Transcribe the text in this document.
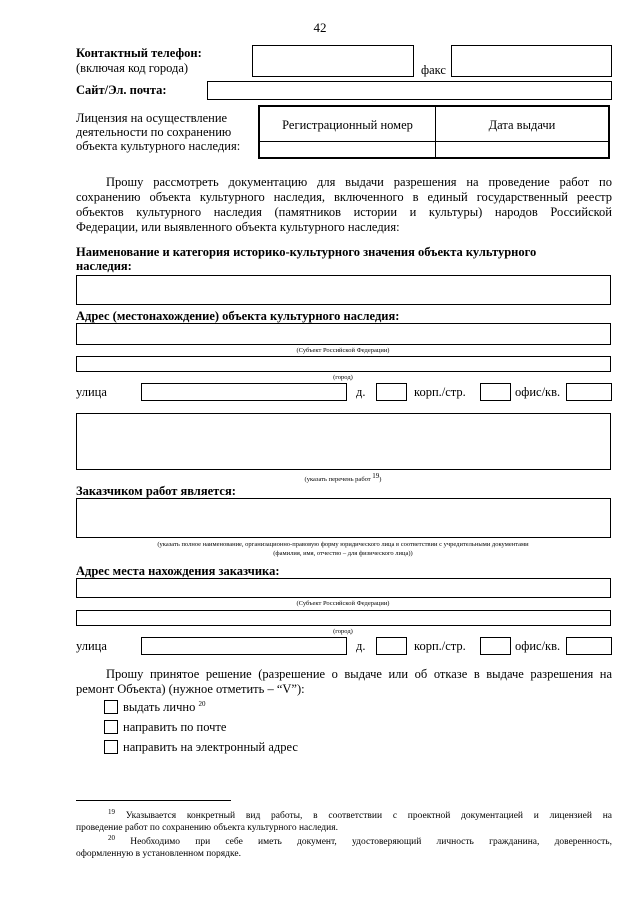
42
Контактный телефон:
(включая код города)	факс
Сайт/Эл. почта:
Лицензия на осуществление
деятельности по сохранению
объекта культурного наследия:
Регистрационный номер	Дата выдачи
Прошу рассмотреть документацию для выдачи разрешения на проведение работ по
сохранению объекта культурного наследия, включенного в единый государственный реестр
объектов культурного наследия (памятников истории и культуры) народов Российской
Федерации, или выявленного объекта культурного наследия:
Наименование и категория историко-культурного значения объекта культурного
наследия:
Адрес (местонахождение) объекта культурного наследия:
(Субъект Российской Федерации)
(город)
улица	д.	корп./стр.	офис/кв.
(указать перечень работ $^{19}$)
Заказчиком работ является:
(указать полное наименование, организационно-правовую форму юридического лица в соответствии с учредительными документами
(фамилия, имя, отчество – для физического лица))
Адрес места нахождения заказчика:
(Субъект Российской Федерации)
(город)
улица	д.	корп./стр.	офис/кв.
Прошу принятое решение (разрешение о выдаче или об отказе в выдаче разрешения на
ремонт Объекта) (нужное отметить – “V”):
выдать лично $^{20}$
направить по почте
направить на электронный адрес
$^{19}$ Указывается конкретный вид работы, в соответствии с проектной документацией и лицензией на
проведение работ по сохранению объекта культурного наследия.
$^{20}$ Необходимо при себе иметь документ, удостоверяющий личность гражданина, доверенность,
оформленную в установленном порядке.
